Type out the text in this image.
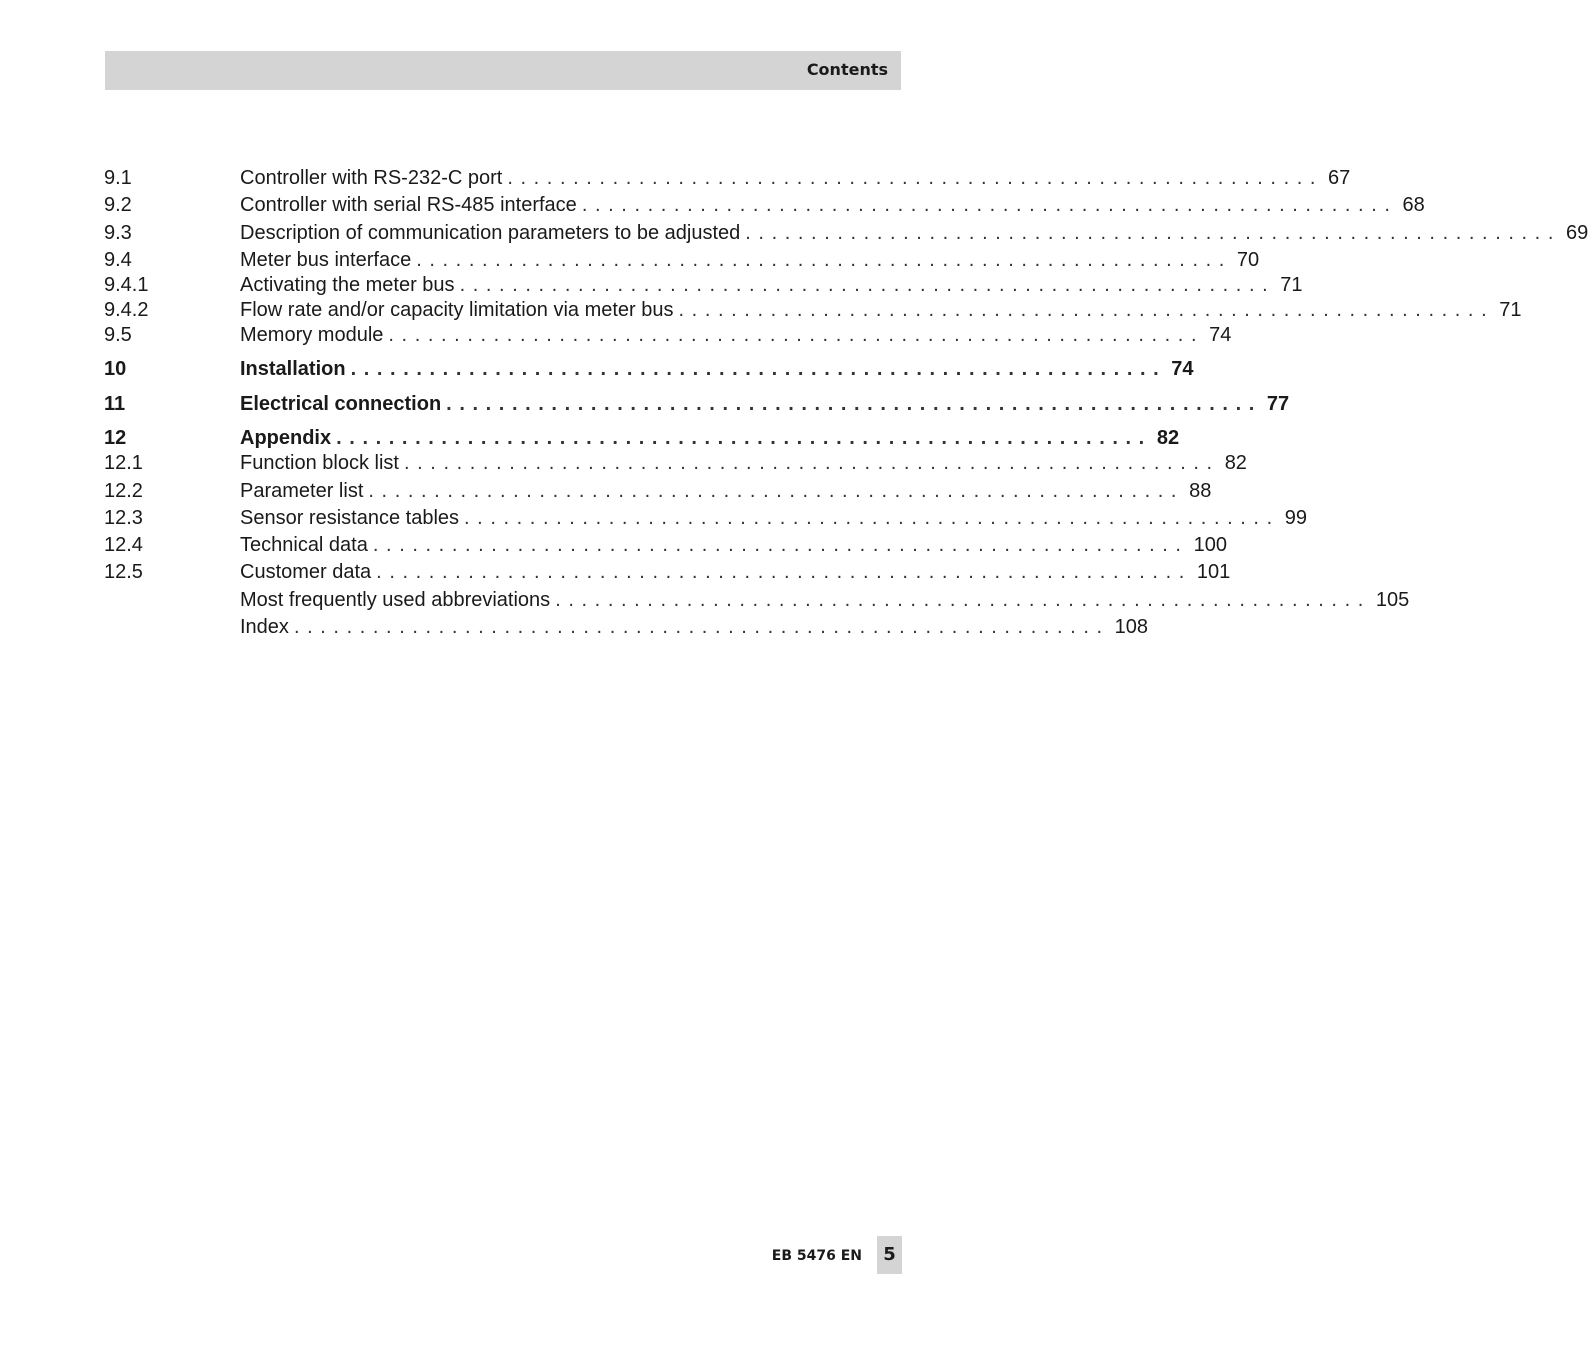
Contents
9.1	Controller with RS-232-C port .............................................................. 67
9.2	Controller with serial RS-485 interface .............................................................. 68
9.3	Description of communication parameters to be adjusted .............................................................. 69
9.4	Meter bus interface .............................................................. 70
9.4.1	Activating the meter bus .............................................................. 71
9.4.2	Flow rate and/or capacity limitation via meter bus .............................................................. 71
9.5	Memory module .............................................................. 74
10	Installation .............................................................. 74
11	Electrical connection .............................................................. 77
12	Appendix .............................................................. 82
12.1	Function block list .............................................................. 82
12.2	Parameter list .............................................................. 88
12.3	Sensor resistance tables .............................................................. 99
12.4	Technical data .............................................................. 100
12.5	Customer data .............................................................. 101
Most frequently used abbreviations .............................................................. 105
Index .............................................................. 108
EB 5476 EN	5
